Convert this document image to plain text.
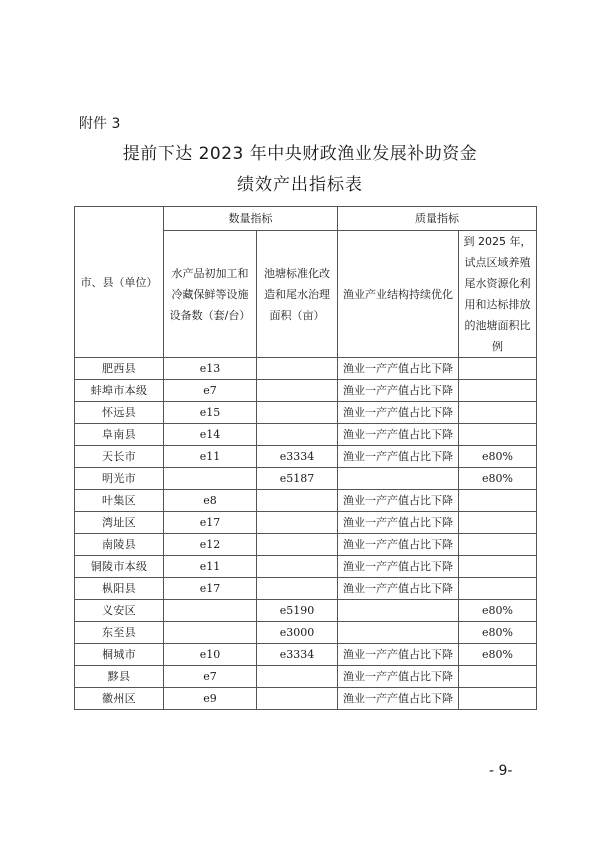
附件 3
提前下达 2023 年中央财政渔业发展补助资金
绩效产出指标表
市、县（单位）	数量指标		质量指标	
	水产品初加工和冷藏保鲜等设施设备数（套/台）	池塘标准化改造和尾水治理面积（亩）	渔业产业结构持续优化	到 2025 年，试点区域养殖尾水资源化利用和达标排放的池塘面积比例
肥西县	e13		渔业一产产值占比下降	
蚌埠市本级	e7		渔业一产产值占比下降	
怀远县	e15		渔业一产产值占比下降	
阜南县	e14		渔业一产产值占比下降	
天长市	e11	e3334	渔业一产产值占比下降	e80%
明光市		e5187		e80%
叶集区	e8		渔业一产产值占比下降	
湾址区	e17		渔业一产产值占比下降	
南陵县	e12		渔业一产产值占比下降	
铜陵市本级	e11		渔业一产产值占比下降	
枞阳县	e17		渔业一产产值占比下降	
义安区		e5190		e80%
东至县		e3000		e80%
桐城市	e10	e3334	渔业一产产值占比下降	e80%
黟县	e7		渔业一产产值占比下降	
徽州区	e9		渔业一产产值占比下降	
- 9-
